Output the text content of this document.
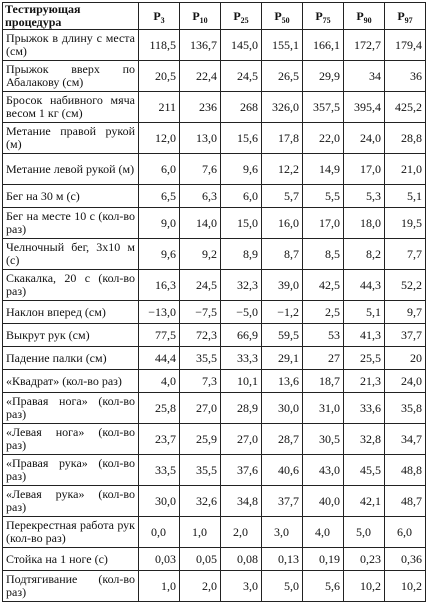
Тестирующая процедура	$P_3$	$P_{10}$	$P_{25}$	$P_{50}$	$P_{75}$	$P_{90}$	$P_{97}$
Прыжок в длину с места (см)	118,5	136,7	145,0	155,1	166,1	172,7	179,4
Прыжок вверх по Абалакову (см)	20,5	22,4	24,5	26,5	29,9	34	36
Бросок набивного мяча весом 1 кг (см)	211	236	268	326,0	357,5	395,4	425,2
Метание правой рукой (м)	12,0	13,0	15,6	17,8	22,0	24,0	28,8
Метание левой рукой (м)	6,0	7,6	9,6	12,2	14,9	17,0	21,0
Бег на 30 м (с)	6,5	6,3	6,0	5,7	5,5	5,3	5,1
Бег на месте 10 с (кол-во раз)	9,0	14,0	15,0	16,0	17,0	18,0	19,5
Челночный бег, 3x10 м (с)	9,6	9,2	8,9	8,7	8,5	8,2	7,7
Скакалка, 20 с (кол-во раз)	16,3	24,5	32,3	39,0	42,5	44,3	52,2
Наклон вперед (см)	−13,0	−7,5	−5,0	−1,2	2,5	5,1	9,7
Выкрут рук (см)	77,5	72,3	66,9	59,5	53	41,3	37,7
Падение палки (см)	44,4	35,5	33,3	29,1	27	25,5	20
«Квадрат» (кол-во раз)	4,0	7,3	10,1	13,6	18,7	21,3	24,0
«Правая нога» (кол-во раз)	25,8	27,0	28,9	30,0	31,0	33,6	35,8
«Левая нога» (кол-во раз)	23,7	25,9	27,0	28,7	30,5	32,8	34,7
«Правая рука» (кол-во раз)	33,5	35,5	37,6	40,6	43,0	45,5	48,8
«Левая рука» (кол-во раз)	30,0	32,6	34,8	37,7	40,0	42,1	48,7
Перекрестная работа рук (кол-во раз)	0,0	1,0	2,0	3,0	4,0	5,0	6,0
Стойка на 1 ноге (с)	0,03	0,05	0,08	0,13	0,19	0,23	0,36
Подтягивание (кол-во раз)	1,0	2,0	3,0	5,0	5,6	10,2	10,2
